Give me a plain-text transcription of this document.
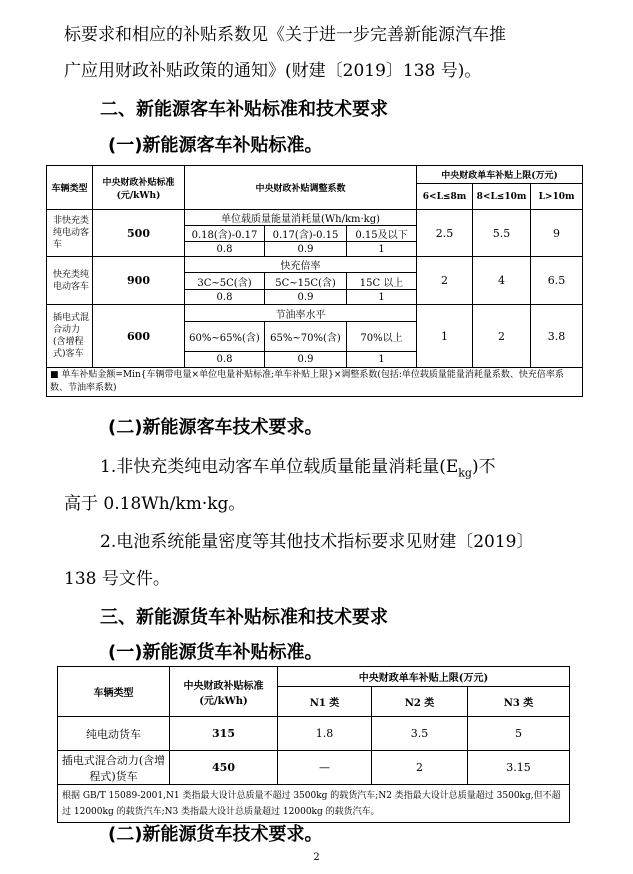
标要求和相应的补贴系数见《关于进一步完善新能源汽车推

广应用财政补贴政策的通知》(财建〔2019〕138 号)。

二、新能源客车补贴标准和技术要求
(一)新能源客车补贴标准。
车辆类型	中央财政补贴标准(元/kWh)	中央财政补贴调整系数			中央财政单车补贴上限(万元)		
					6<L≤8m	8<L≤10m	L>10m
非快充类纯电动客车	500	单位载质量能量消耗量(Wh/km·kg)			2.5	5.5	9
		0.18(含)-0.17	0.17(含)-0.15	0.15及以下			
		0.8	0.9	1			
快充类纯电动客车	900	快充倍率			2	4	6.5
		3C~5C(含)	5C~15C(含)	15C 以上			
		0.8	0.9	1			
插电式混合动力(含增程式)客车	600	节油率水平			1	2	3.8
		60%~65%(含)	65%~70%(含)	70%以上			
		0.8	0.9	1			
■ 单车补贴金额=Min{车辆带电量×单位电量补贴标准;单车补贴上限}×调整系数(包括:单位载质量能量消耗量系数、快充倍率系数、节油率系数)							
(二)新能源客车技术要求。

1.非快充类纯电动客车单位载质量能量消耗量$(E_{kg})$不

高于 0.18Wh/km·kg。

2.电池系统能量密度等其他技术指标要求见财建〔2019〕

138 号文件。

三、新能源货车补贴标准和技术要求
(一)新能源货车补贴标准。
车辆类型	中央财政补贴标准(元/kWh)	中央财政单车补贴上限(万元)		
		N1 类	N2 类	N3 类
纯电动货车	315	1.8	3.5	5
插电式混合动力(含增程式)货车	450	—	2	3.15
根据 GB/T 15089-2001,N1 类指最大设计总质量不超过 3500kg 的载货汽车;N2 类指最大设计总质量超过 3500kg,但不超过 12000kg 的载货汽车;N3 类指最大设计总质量超过 12000kg 的载货汽车。				
(二)新能源货车技术要求。
2
